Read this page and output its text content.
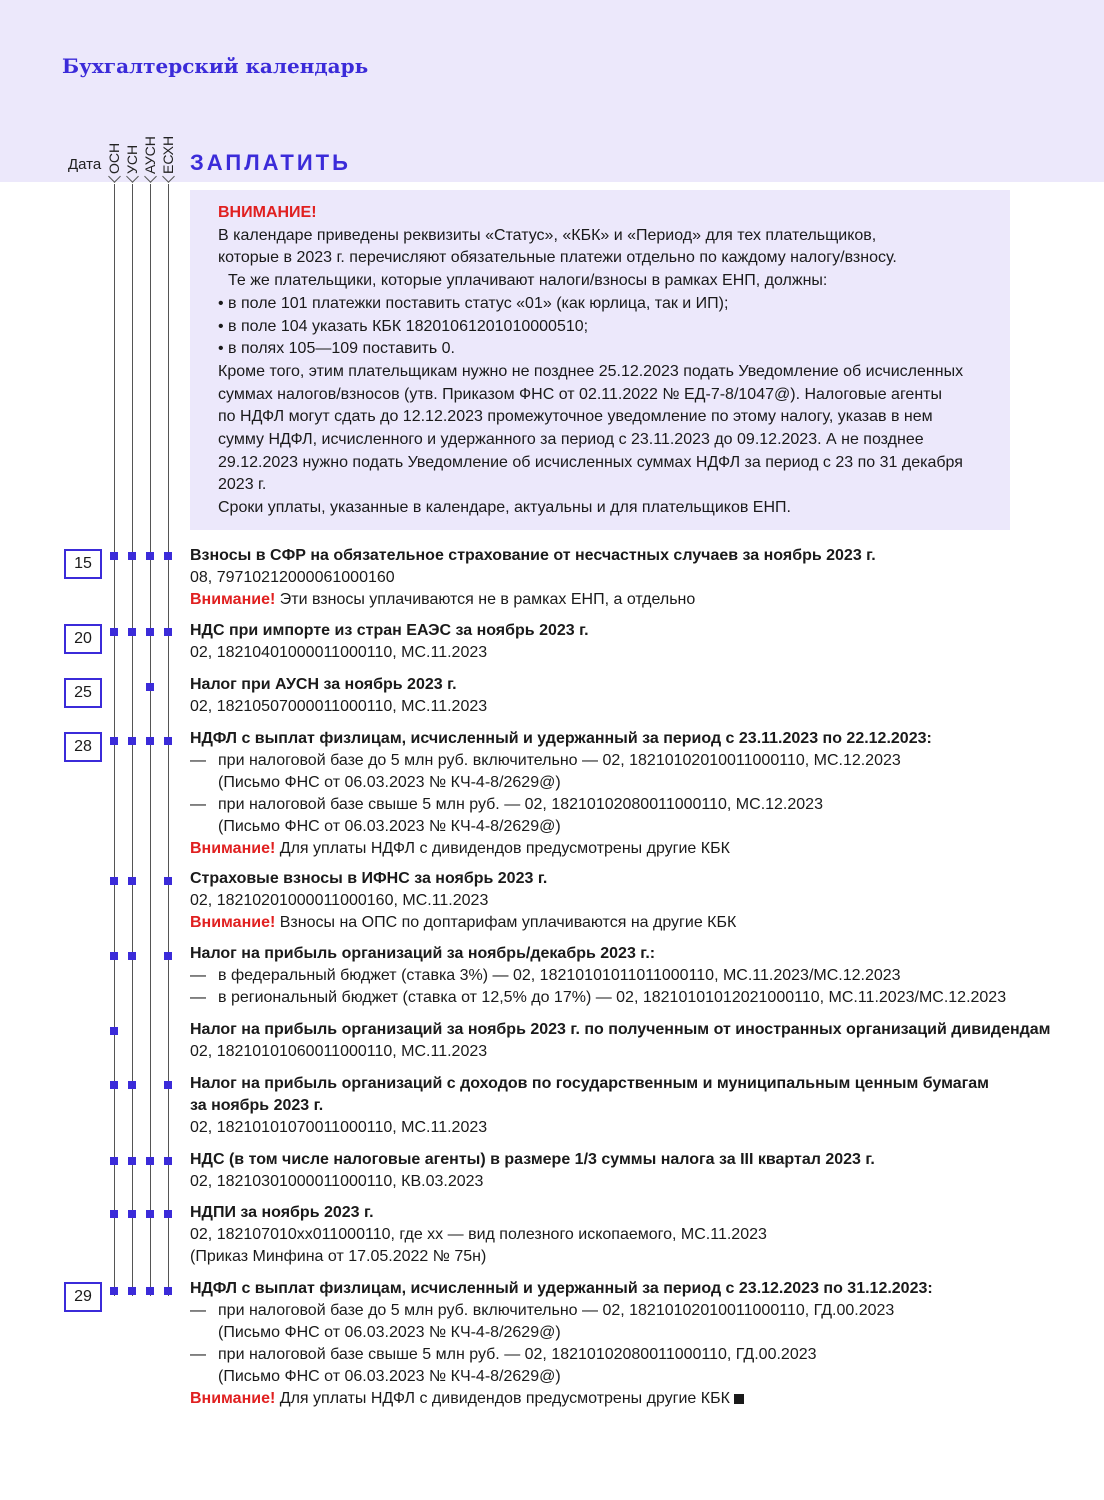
Бухгалтерский календарь
Дата ОСН УСН АУСН ЕСХН ЗАПЛАТИТЬ

ВНИМАНИЕ!

В календаре приведены реквизиты «Статус», «КБК» и «Период» для тех плательщиков,

которые в 2023 г. перечисляют обязательные платежи отдельно по каждому налогу/взносу.

Те же плательщики, которые уплачивают налоги/взносы в рамках ЕНП, должны:

• в поле 101 платежки поставить статус «01» (как юрлица, так и ИП);

• в поле 104 указать КБК 18201061201010000510;

• в полях 105—109 поставить 0.

Кроме того, этим плательщикам нужно не позднее 25.12.2023 подать Уведомление об исчисленных

суммах налогов/взносов (утв. Приказом ФНС от 02.11.2022 № ЕД-7-8/1047@). Налоговые агенты

по НДФЛ могут сдать до 12.12.2023 промежуточное уведомление по этому налогу, указав в нем

сумму НДФЛ, исчисленного и удержанного за период с 23.11.2023 до 09.12.2023. А не позднее

29.12.2023 нужно подать Уведомление об исчисленных суммах НДФЛ за период с 23 по 31 декабря

2023 г.

Сроки уплаты, указанные в календаре, актуальны и для плательщиков ЕНП.

15
20
25
28
29

Взносы в СФР на обязательное страхование от несчастных случаев за ноябрь 2023 г.

08, 79710212000061000160

Внимание! Эти взносы уплачиваются не в рамках ЕНП, а отдельно

НДС при импорте из стран ЕАЭС за ноябрь 2023 г.

02, 18210401000011000110, МС.11.2023

Налог при АУСН за ноябрь 2023 г.

02, 18210507000011000110, МС.11.2023

НДФЛ с выплат физлицам, исчисленный и удержанный за период с 23.11.2023 по 22.12.2023:

— при налоговой базе до 5 млн руб. включительно — 02, 18210102010011000110, МС.12.2023

(Письмо ФНС от 06.03.2023 № КЧ-4-8/2629@)

— при налоговой базе свыше 5 млн руб. — 02, 18210102080011000110, МС.12.2023

(Письмо ФНС от 06.03.2023 № КЧ-4-8/2629@)

Внимание! Для уплаты НДФЛ с дивидендов предусмотрены другие КБК

Страховые взносы в ИФНС за ноябрь 2023 г.

02, 18210201000011000160, МС.11.2023

Внимание! Взносы на ОПС по доптарифам уплачиваются на другие КБК

Налог на прибыль организаций за ноябрь/декабрь 2023 г.:

— в федеральный бюджет (ставка 3%) — 02, 18210101011011000110, МС.11.2023/МС.12.2023

— в региональный бюджет (ставка от 12,5% до 17%) — 02, 18210101012021000110, МС.11.2023/МС.12.2023

Налог на прибыль организаций за ноябрь 2023 г. по полученным от иностранных организаций дивидендам

02, 18210101060011000110, МС.11.2023

Налог на прибыль организаций с доходов по государственным и муниципальным ценным бумагам

за ноябрь 2023 г.

02, 18210101070011000110, МС.11.2023

НДС (в том числе налоговые агенты) в размере 1/3 суммы налога за III квартал 2023 г.

02, 18210301000011000110, КВ.03.2023

НДПИ за ноябрь 2023 г.

02, 182107010xx011000110, где xx — вид полезного ископаемого, МС.11.2023

(Приказ Минфина от 17.05.2022 № 75н)

НДФЛ с выплат физлицам, исчисленный и удержанный за период с 23.12.2023 по 31.12.2023:

— при налоговой базе до 5 млн руб. включительно — 02, 18210102010011000110, ГД.00.2023

(Письмо ФНС от 06.03.2023 № КЧ-4-8/2629@)

— при налоговой базе свыше 5 млн руб. — 02, 18210102080011000110, ГД.00.2023

(Письмо ФНС от 06.03.2023 № КЧ-4-8/2629@)

Внимание! Для уплаты НДФЛ с дивидендов предусмотрены другие КБК
